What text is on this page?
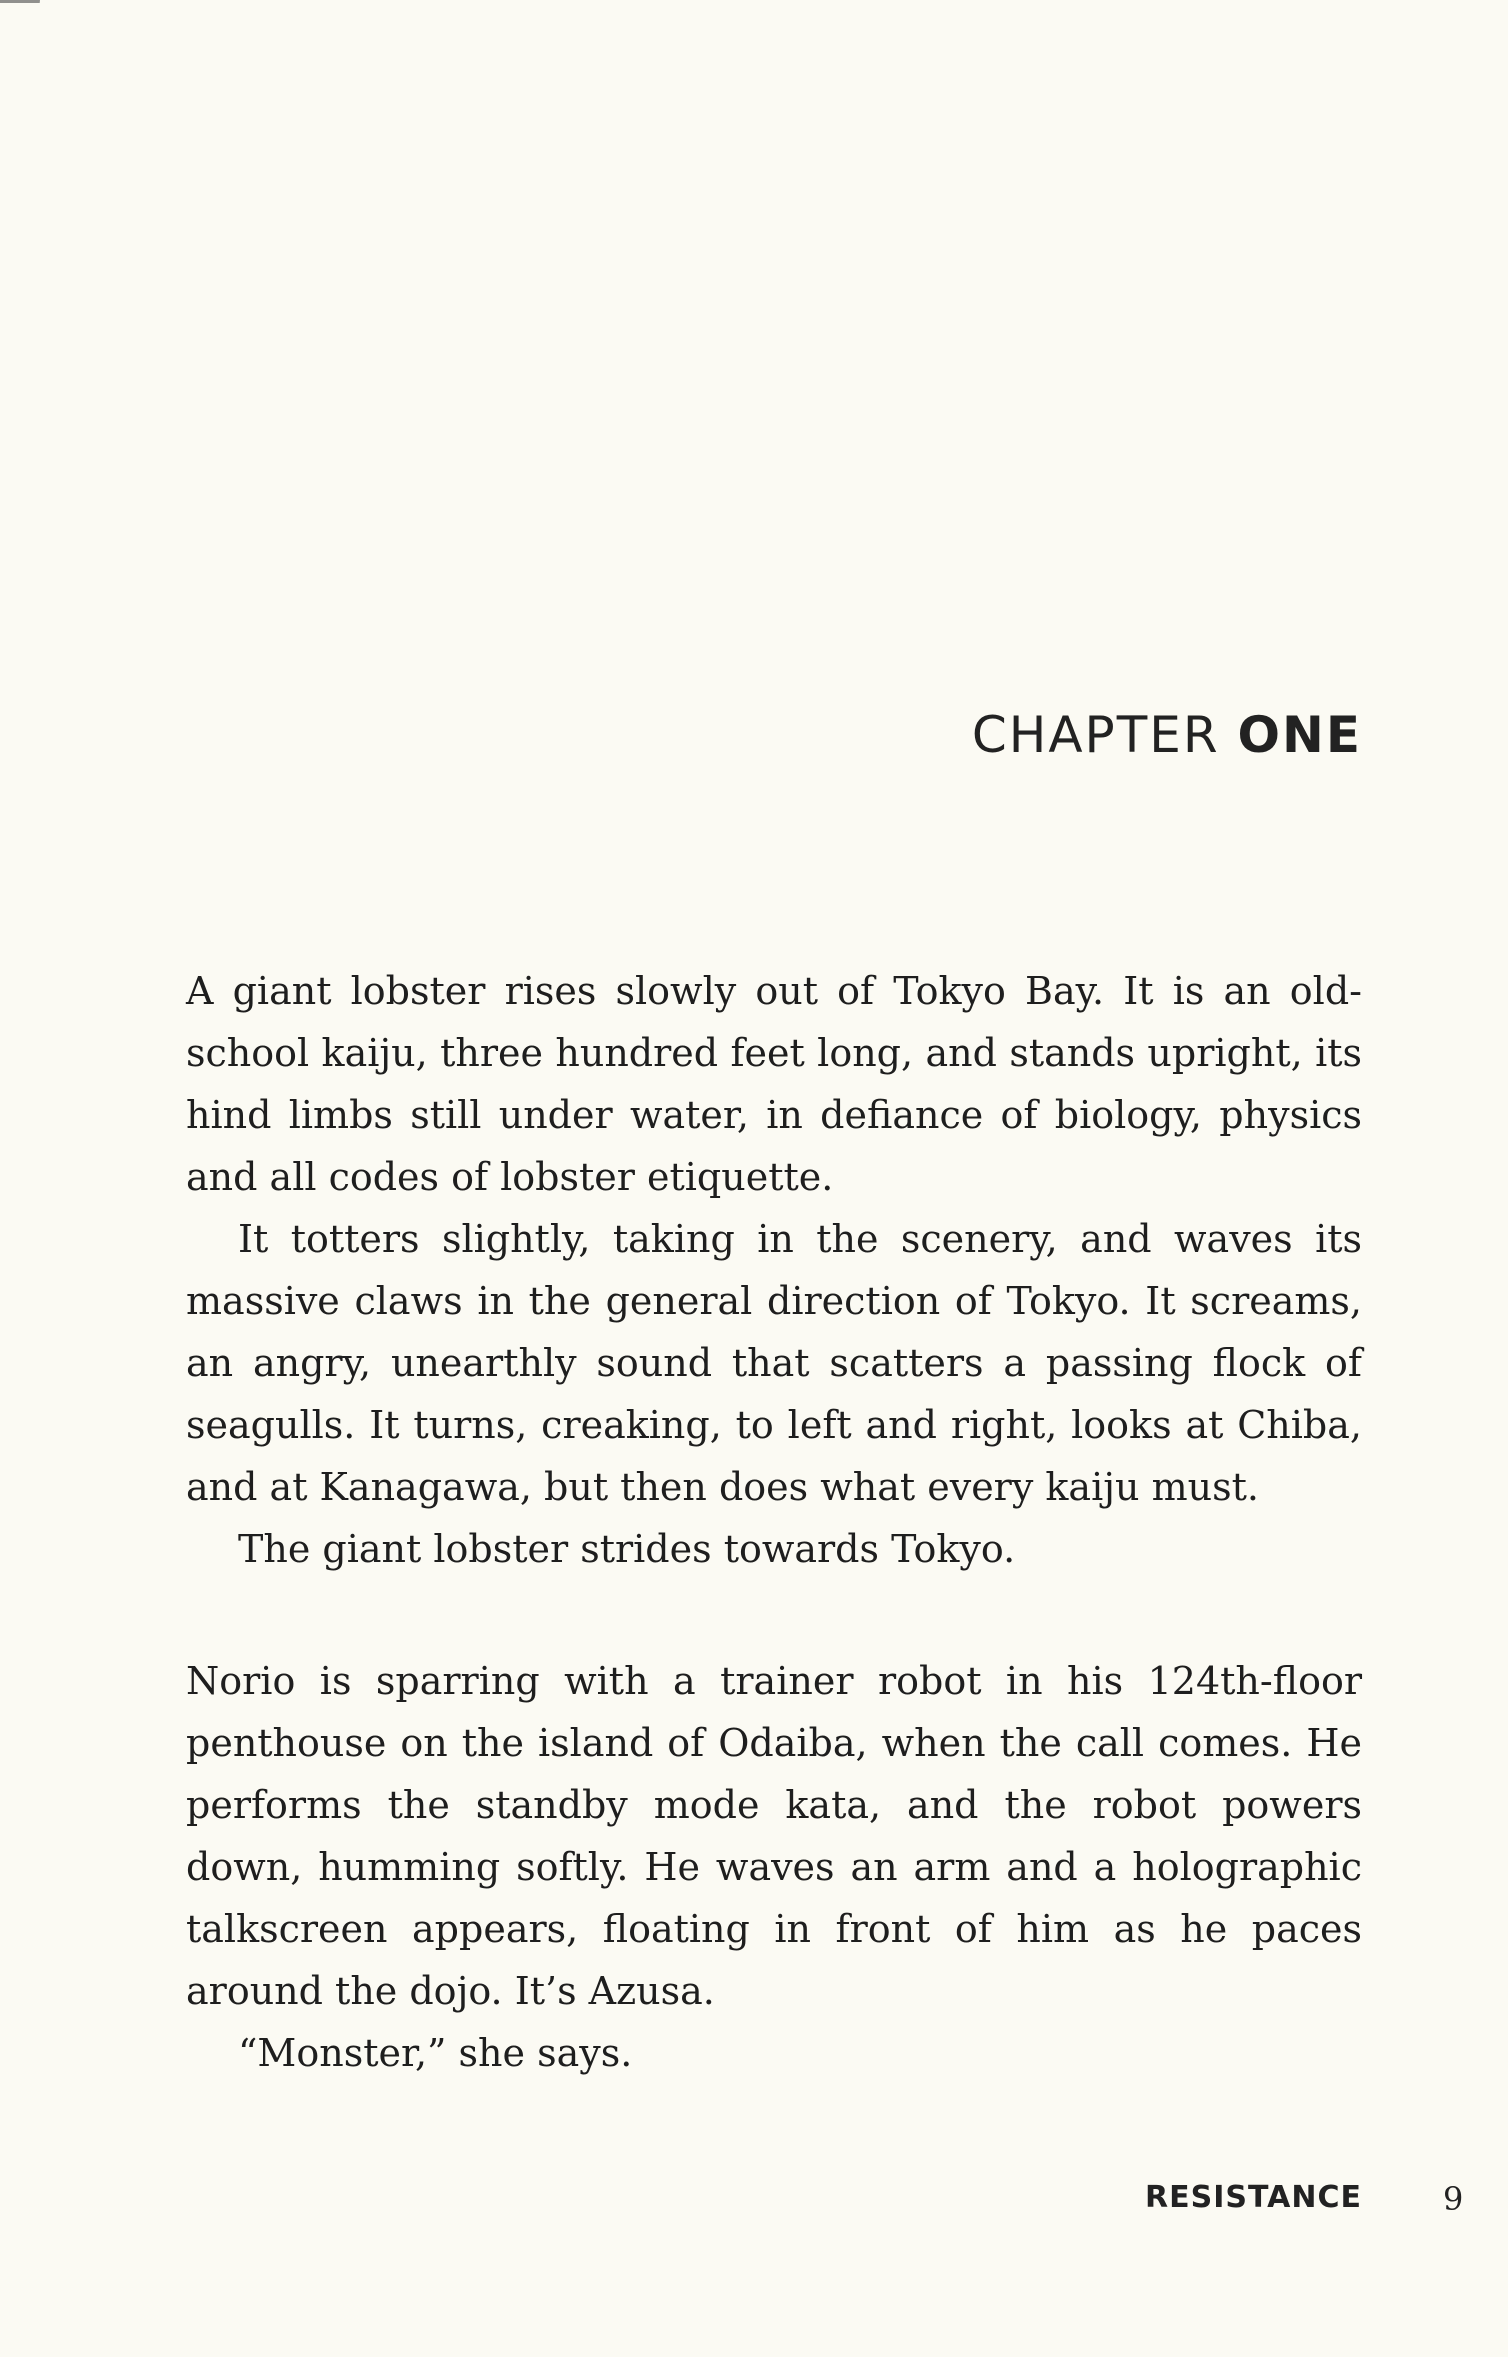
CHAPTER ONE

A giant lobster rises slowly out of Tokyo Bay. It is an old-school kaiju, three hundred feet long, and stands upright, its hind limbs still under water, in defiance of biology, physics and all codes of lobster etiquette.

It totters slightly, taking in the scenery, and waves its massive claws in the general direction of Tokyo. It screams, an angry, unearthly sound that scatters a passing flock of seagulls. It turns, creaking, to left and right, looks at Chiba, and at Kanagawa, but then does what every kaiju must.

The giant lobster strides towards Tokyo.

Norio is sparring with a trainer robot in his 124th-floor penthouse on the island of Odaiba, when the call comes. He performs the standby mode kata, and the robot powers down, humming softly. He waves an arm and a holographic talkscreen appears, floating in front of him as he paces around the dojo. It’s Azusa.

“Monster,” she says.

RESISTANCE	9
